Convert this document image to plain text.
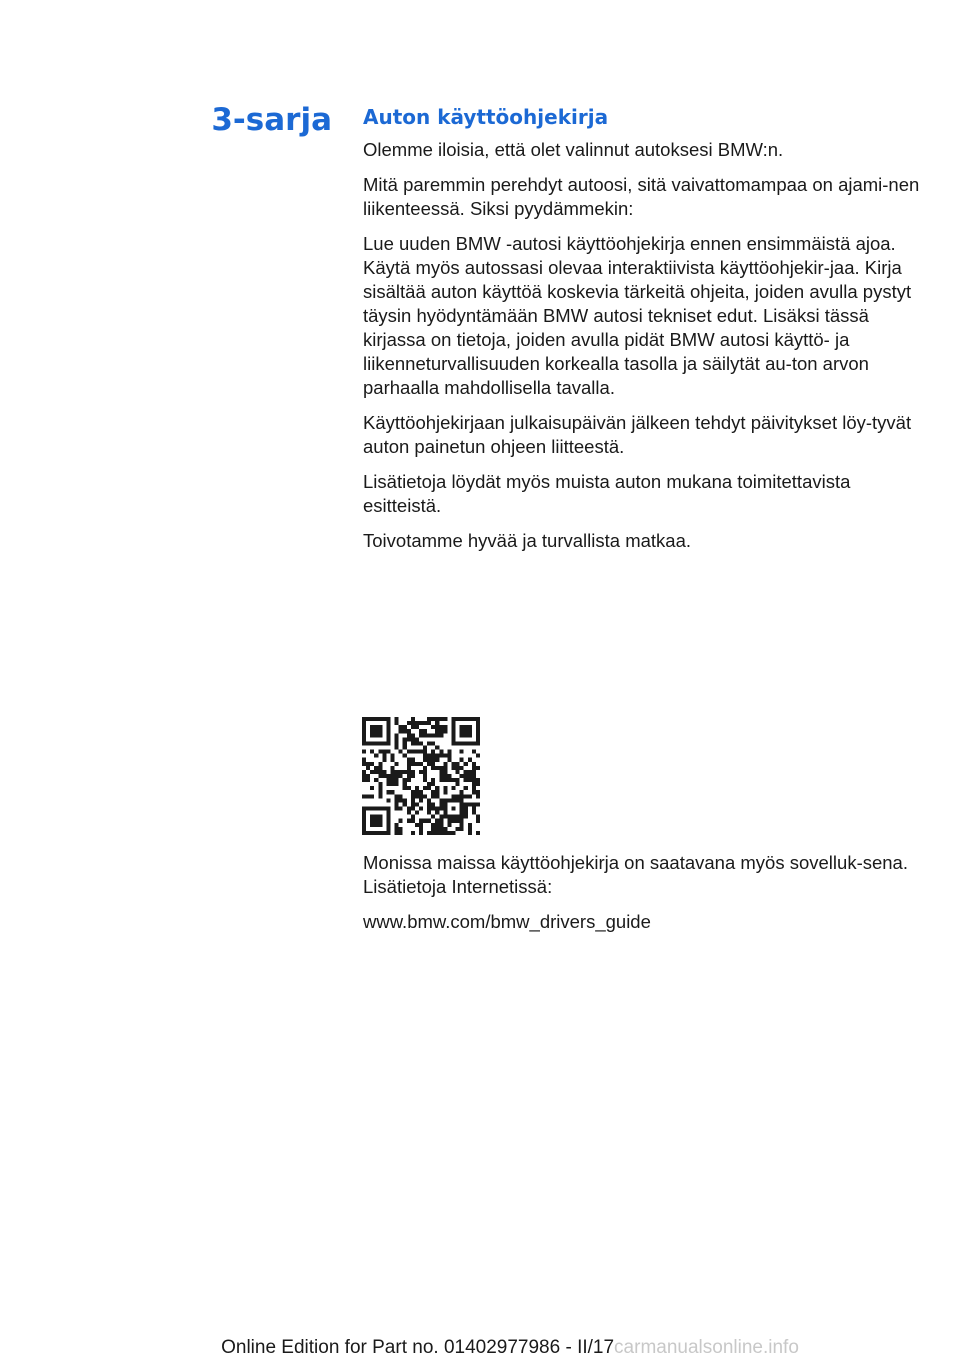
3-sarja Auton käyttöohjekirja

Olemme iloisia, että olet valinnut autoksesi BMW:n.

Mitä paremmin perehdyt autoosi, sitä vaivattomampaa on ajami-nen liikenteessä. Siksi pyydämmekin:

Lue uuden BMW -autosi käyttöohjekirja ennen ensimmäistä ajoa. Käytä myös autossasi olevaa interaktiivista käyttöohjekir-jaa. Kirja sisältää auton käyttöä koskevia tärkeitä ohjeita, joiden avulla pystyt täysin hyödyntämään BMW autosi tekniset edut. Lisäksi tässä kirjassa on tietoja, joiden avulla pidät BMW autosi käyttö- ja liikenneturvallisuuden korkealla tasolla ja säilytät au-ton arvon parhaalla mahdollisella tavalla.

Käyttöohjekirjaan julkaisupäivän jälkeen tehdyt päivitykset löy-tyvät auton painetun ohjeen liitteestä.

Lisätietoja löydät myös muista auton mukana toimitettavista esitteistä.

Toivotamme hyvää ja turvallista matkaa.

Monissa maissa käyttöohjekirja on saatavana myös sovelluk-sena. Lisätietoja Internetissä:

www.bmw.com/bmw_drivers_guide

Online Edition for Part no. 01402977986 - II/17carmanualsonline.info
